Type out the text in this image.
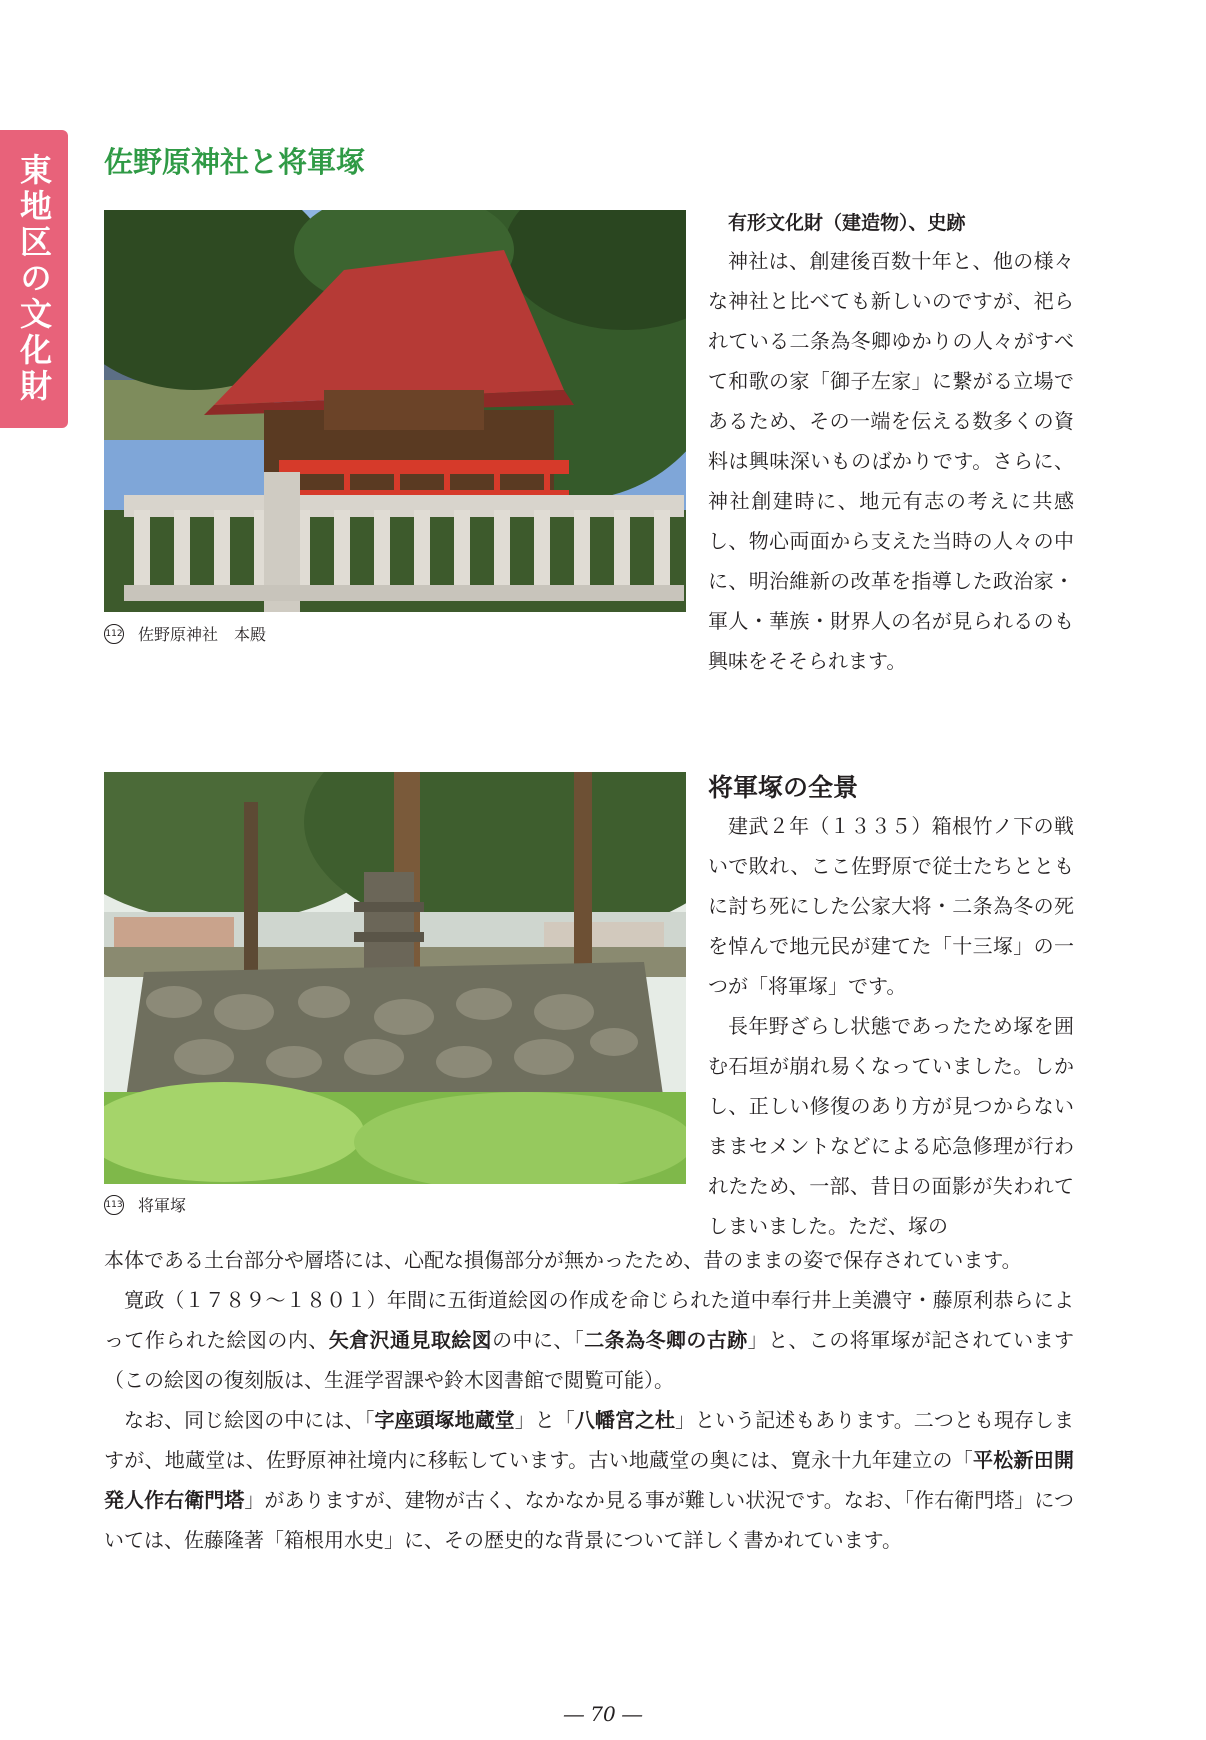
東地区の文化財 佐野原神社と将軍塚
112 佐野原神社　本殿

有形文化財（建造物）、史跡

神社は、創建後百数十年と、他の様々な神社と比べても新しいのですが、祀られている二条為冬卿ゆかりの人々がすべて和歌の家「御子左家」に繋がる立場であるため、その一端を伝える数多くの資料は興味深いものばかりです。さらに、神社創建時に、地元有志の考えに共感し、物心両面から支えた当時の人々の中に、明治維新の改革を指導した政治家・軍人・華族・財界人の名が見られるのも興味をそそられます。

113 将軍塚
将軍塚の全景

建武２年（１３３５）箱根竹ノ下の戦いで敗れ、ここ佐野原で従士たちとともに討ち死にした公家大将・二条為冬の死を悼んで地元民が建てた「十三塚」の一つが「将軍塚」です。

長年野ざらし状態であったため塚を囲む石垣が崩れ易くなっていました。しかし、正しい修復のあり方が見つからないままセメントなどによる応急修理が行われたため、一部、昔日の面影が失われてしまいました。ただ、塚の

本体である土台部分や層塔には、心配な損傷部分が無かったため、昔のままの姿で保存されています。

寛政（１７８９～１８０１）年間に五街道絵図の作成を命じられた道中奉行井上美濃守・藤原利恭らによって作られた絵図の内、矢倉沢通見取絵図の中に、「二条為冬卿の古跡」と、この将軍塚が記されています（この絵図の復刻版は、生涯学習課や鈴木図書館で閲覧可能）。

なお、同じ絵図の中には、「字座頭塚地蔵堂」と「八幡宮之杜」という記述もあります。二つとも現存しますが、地蔵堂は、佐野原神社境内に移転しています。古い地蔵堂の奥には、寛永十九年建立の「平松新田開発人作右衛門塔」がありますが、建物が古く、なかなか見る事が難しい状況です。なお、「作右衛門塔」については、佐藤隆著「箱根用水史」に、その歴史的な背景について詳しく書かれています。

― 70 ―
